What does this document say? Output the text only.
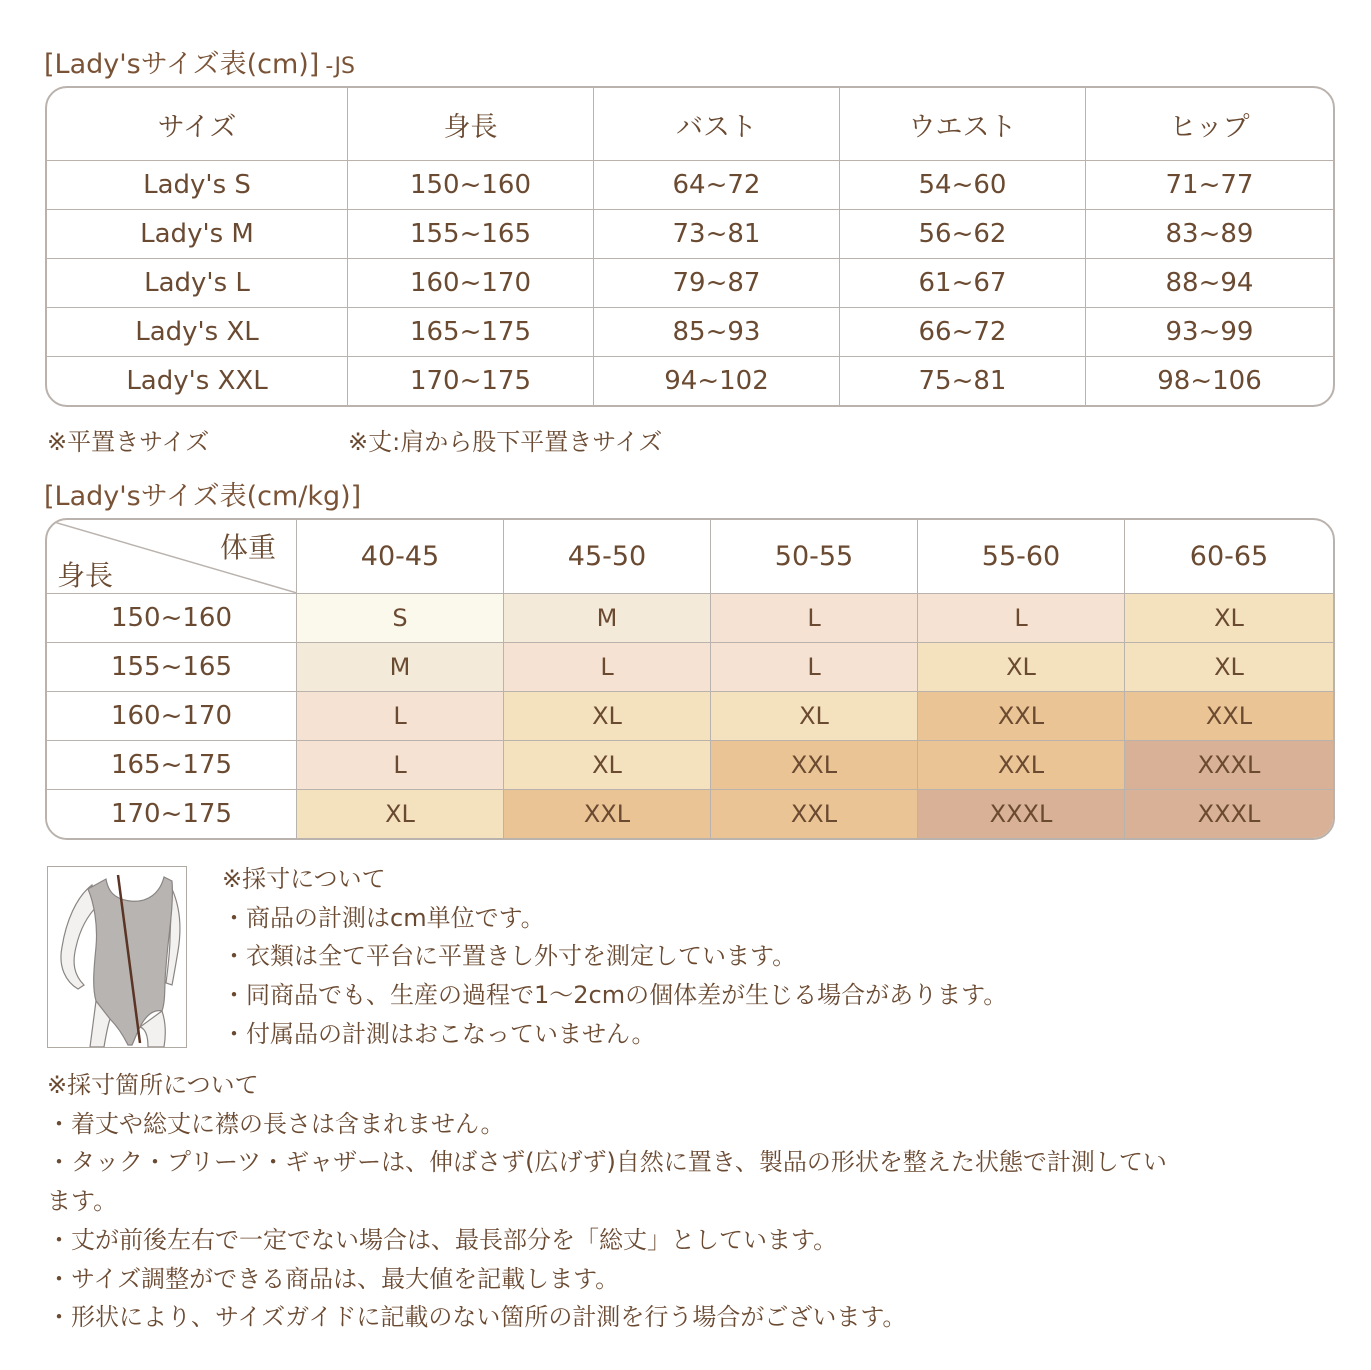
[Lady'sサイズ表(cm)] -JS
サイズ	身長	バスト	ウエスト	ヒップ
Lady's S	150~160	64~72	54~60	71~77
Lady's M	155~165	73~81	56~62	83~89
Lady's L	160~170	79~87	61~67	88~94
Lady's XL	165~175	85~93	66~72	93~99
Lady's XXL	170~175	94~102	75~81	98~106
※平置きサイズ	※丈:肩から股下平置きサイズ
[Lady'sサイズ表(cm/kg)]
体重
身長	40-45	45-50	50-55	55-60	60-65
150~160	S	M	L	L	XL
155~165	M	L	L	XL	XL
160~170	L	XL	XL	XXL	XXL
165~175	L	XL	XXL	XXL	XXXL
170~175	XL	XXL	XXL	XXXL	XXXL
※採寸について
・商品の計測はcm単位です。
・衣類は全て平台に平置きし外寸を測定しています。
・同商品でも、生産の過程で1〜2cmの個体差が生じる場合があります。
・付属品の計測はおこなっていません。
※採寸箇所について
・着丈や総丈に襟の長さは含まれません。
・タック・プリーツ・ギャザーは、伸ばさず(広げず)自然に置き、製品の形状を整えた状態で計測してい
ます。
・丈が前後左右で一定でない場合は、最長部分を「総丈」としています。
・サイズ調整ができる商品は、最大値を記載します。
・形状により、サイズガイドに記載のない箇所の計測を行う場合がございます。
